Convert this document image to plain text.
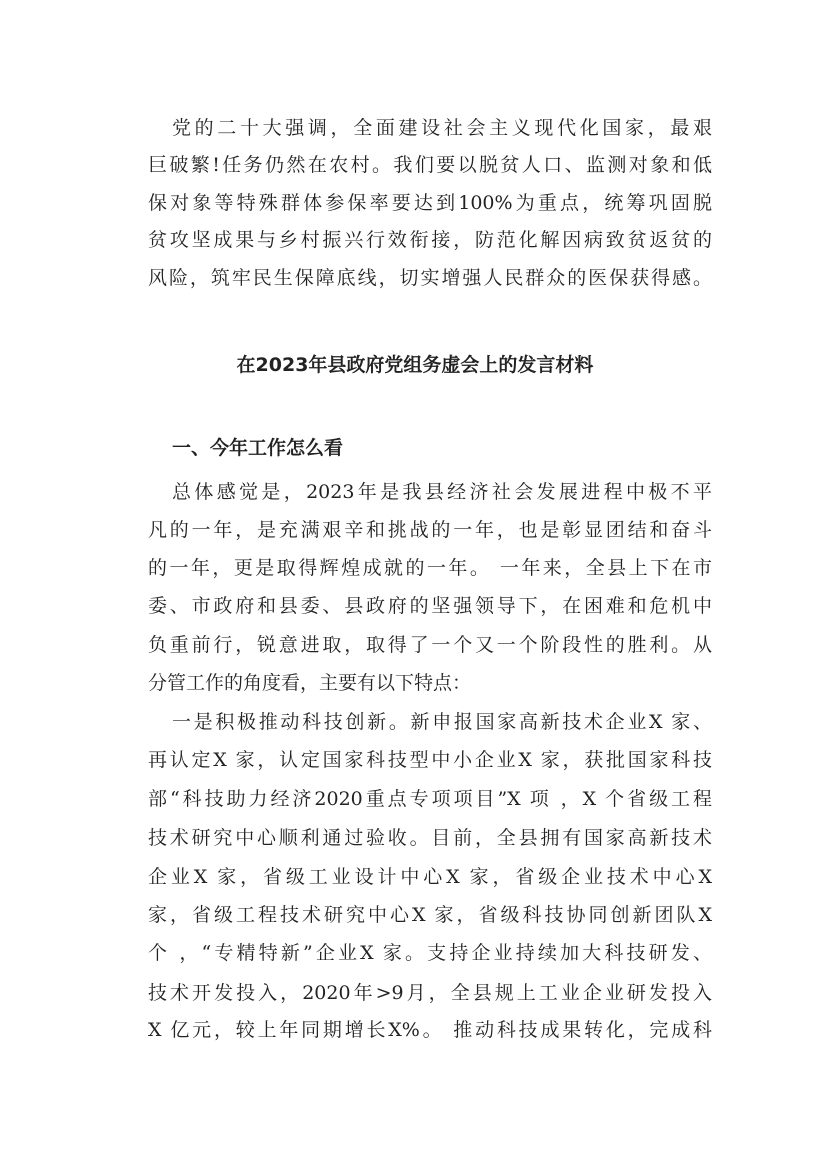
党的二十大强调，全面建设社会主义现代化国家，最艰
巨破繁!任务仍然在农村。我们要以脱贫人口、监测对象和低
保对象等特殊群体参保率要达到100%为重点，统筹巩固脱
贫攻坚成果与乡村振兴行效衔接，防范化解因病致贫返贫的
风险，筑牢民生保障底线，切实增强人民群众的医保获得感。
在2023年县政府党组务虚会上的发言材料
一、今年工作怎么看
总体感觉是，2023年是我县经济社会发展进程中极不平
凡的一年，是充满艰辛和挑战的一年，也是彰显团结和奋斗
的一年，更是取得辉煌成就的一年。 一年来，全县上下在市
委、市政府和县委、县政府的坚强领导下，在困难和危机中
负重前行，锐意进取，取得了一个又一个阶段性的胜利。从
分管工作的角度看，主要有以下特点：
一是积极推动科技创新。新申报国家高新技术企业X 家、
再认定X 家，认定国家科技型中小企业X 家，获批国家科技
部“科技助力经济2020重点专项项目”X 项 ，X 个省级工程
技术研究中心顺利通过验收。目前，全县拥有国家高新技术
企业X 家，省级工业设计中心X 家，省级企业技术中心X
家，省级工程技术研究中心X 家，省级科技协同创新团队X
个 ，“专精特新”企业X 家。支持企业持续加大科技研发、
技术开发投入，2020年>9月，全县规上工业企业研发投入
X 亿元，较上年同期增长X%。 推动科技成果转化，完成科
